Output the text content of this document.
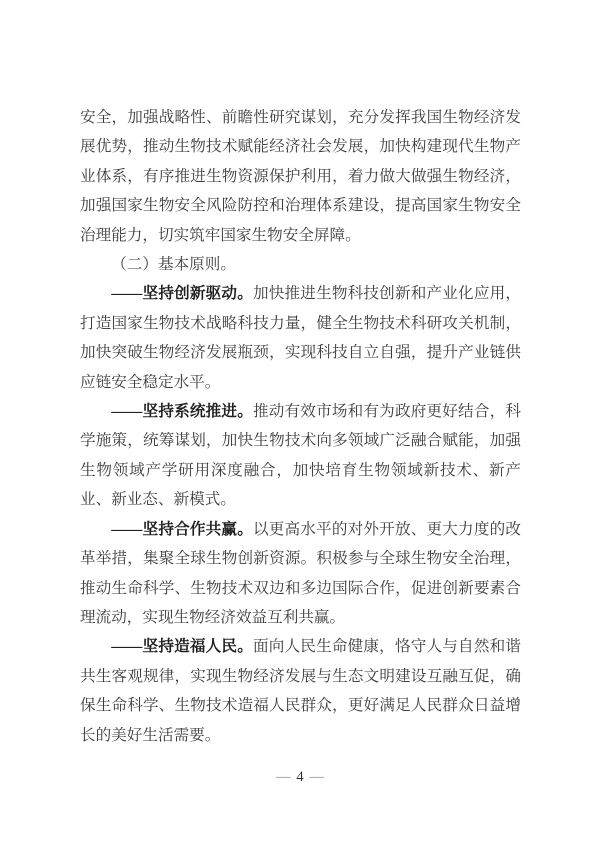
安全，加强战略性、前瞻性研究谋划，充分发挥我国生物经济发展优势，推动生物技术赋能经济社会发展，加快构建现代生物产业体系，有序推进生物资源保护利用，着力做大做强生物经济，加强国家生物安全风险防控和治理体系建设，提高国家生物安全治理能力，切实筑牢国家生物安全屏障。

（二）基本原则。

——坚持创新驱动。加快推进生物科技创新和产业化应用，打造国家生物技术战略科技力量，健全生物技术科研攻关机制，加快突破生物经济发展瓶颈，实现科技自立自强，提升产业链供应链安全稳定水平。

——坚持系统推进。推动有效市场和有为政府更好结合，科学施策，统筹谋划，加快生物技术向多领域广泛融合赋能，加强生物领域产学研用深度融合，加快培育生物领域新技术、新产业、新业态、新模式。

——坚持合作共赢。以更高水平的对外开放、更大力度的改革举措，集聚全球生物创新资源。积极参与全球生物安全治理，推动生命科学、生物技术双边和多边国际合作，促进创新要素合理流动，实现生物经济效益互利共赢。

——坚持造福人民。面向人民生命健康，恪守人与自然和谐共生客观规律，实现生物经济发展与生态文明建设互融互促，确保生命科学、生物技术造福人民群众，更好满足人民群众日益增长的美好生活需要。

— 4 —
